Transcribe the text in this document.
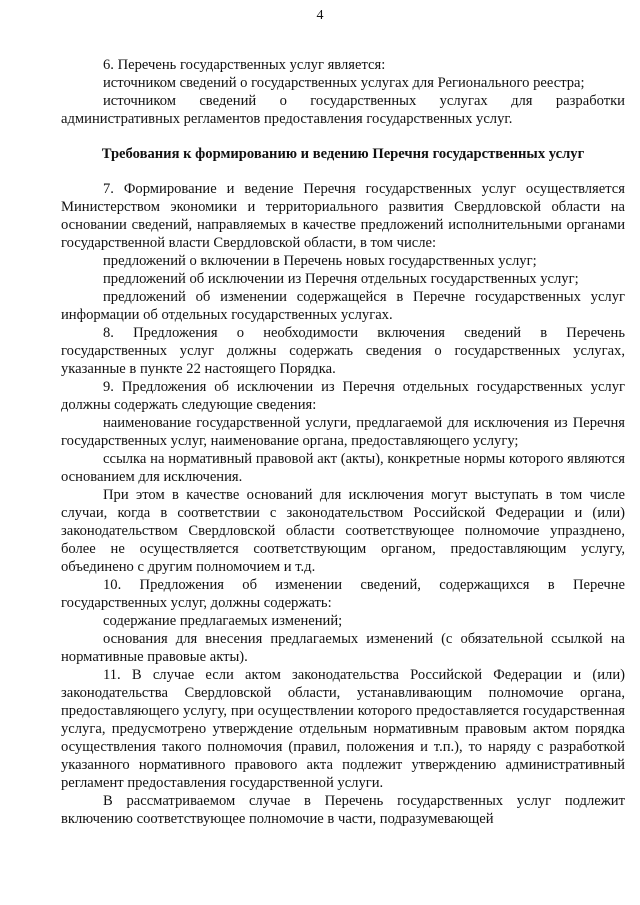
4

6. Перечень государственных услуг является:

источником сведений о государственных услугах для Регионального реестра;

источником сведений о государственных услугах для разработки административных регламентов предоставления государственных услуг.

Требования к формированию и ведению Перечня государственных услуг

7. Формирование и ведение Перечня государственных услуг осуществляется Министерством экономики и территориального развития Свердловской области на основании сведений, направляемых в качестве предложений исполнительными органами государственной власти Свердловской области, в том числе:

предложений о включении в Перечень новых государственных услуг;

предложений об исключении из Перечня отдельных государственных услуг;

предложений об изменении содержащейся в Перечне государственных услуг информации об отдельных государственных услугах.

8. Предложения о необходимости включения сведений в Перечень государственных услуг должны содержать сведения о государственных услугах, указанные в пункте 22 настоящего Порядка.

9. Предложения об исключении из Перечня отдельных государственных услуг должны содержать следующие сведения:

наименование государственной услуги, предлагаемой для исключения из Перечня государственных услуг, наименование органа, предоставляющего услугу;

ссылка на нормативный правовой акт (акты), конкретные нормы которого являются основанием для исключения.

При этом в качестве оснований для исключения могут выступать в том числе случаи, когда в соответствии с законодательством Российской Федерации и (или) законодательством Свердловской области соответствующее полномочие упразднено, более не осуществляется соответствующим органом, предоставляющим услугу, объединено с другим полномочием и т.д.

10. Предложения об изменении сведений, содержащихся в Перечне государственных услуг, должны содержать:

содержание предлагаемых изменений;

основания для внесения предлагаемых изменений (с обязательной ссылкой на нормативные правовые акты).

11. В случае если актом законодательства Российской Федерации и (или) законодательства Свердловской области, устанавливающим полномочие органа, предоставляющего услугу, при осуществлении которого предоставляется государственная услуга, предусмотрено утверждение отдельным нормативным правовым актом порядка осуществления такого полномочия (правил, положения и т.п.), то наряду с разработкой указанного нормативного правового акта подлежит утверждению административный регламент предоставления государственной услуги.

В рассматриваемом случае в Перечень государственных услуг подлежит включению соответствующее полномочие в части, подразумевающей
